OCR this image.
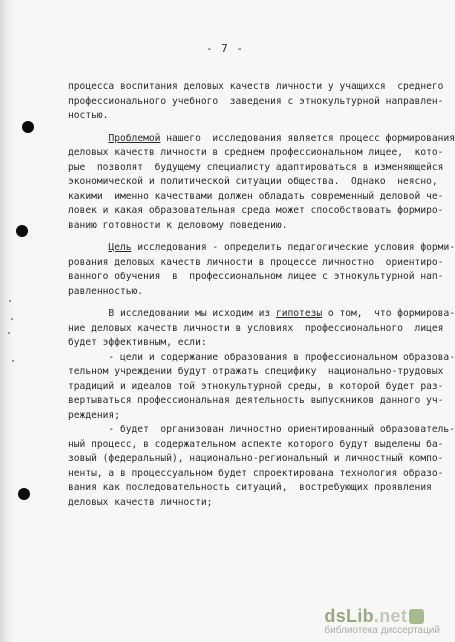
- 7 -
процесса воспитания деловых качеств личности у учащихся  среднего
профессионального учебного  заведения с этнокультурной направлен-
ностью.
Проблемой нашего  исследования является процесс формирования
деловых качеств личности в среднем профессиональном лицее,  кото-
рые  позволят  будущему специалисту адаптироваться в изменяющейся
экономической и политической ситуации общества.  Однако  неясно,
какими  именно качествами должен обладать современный деловой че-
ловек и какая образовательная среда может способствовать формиро-
ванию готовности к деловому поведению.
Цель исследования - определить педагогические условия форми-
рования деловых качеств личности в процессе личностно  ориентиро-
ванного обучения  в  профессиональном лицее с этнокультурной нап-
равленностью.
В исследовании мы исходим из гипотезы о том,  что формирова-
ние деловых качеств личности в условиях  профессионального  лицея
будет эффективным, если:
- цели и содержание образования в профессиональном образова-
тельном учреждении будут отражать специфику  национально-трудовых
традиций и идеалов той этнокультурной среды, в которой будет раз-
вертываться профессиональная деятельность выпускников данного уч-
реждения;
- будет  организован личностно ориентированный образователь-
ный процесс, в содержательном аспекте которого будут выделены ба-
зовый (федеральный), национально-региональный и личностный компо-
ненты, а в процессуальном будет спроектирована технология образо-
вания как последовательность ситуаций,  востребующих проявления
деловых качеств личности;
dsLib.net
библиотека диссертаций
